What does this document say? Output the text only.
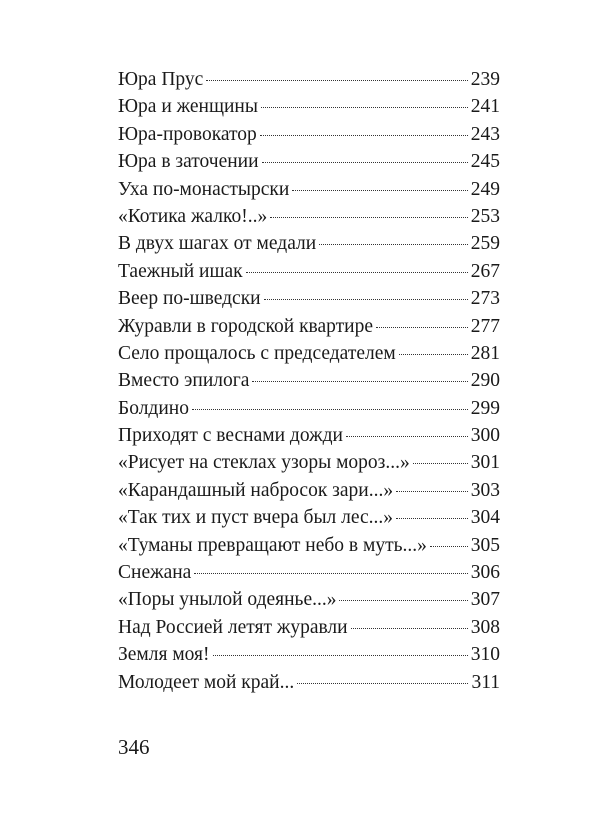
Юра Прус	239
Юра и женщины	241
Юра-провокатор	243
Юра в заточении	245
Уха по-монастырски	249
«Котика жалко!..»	253
В двух шагах от медали	259
Таежный ишак	267
Веер по-шведски	273
Журавли в городской квартире	277
Село прощалось с председателем	281
Вместо эпилога	290
Болдино	299
Приходят с веснами дожди	300
«Рисует на стеклах узоры мороз...»	301
«Карандашный набросок зари...»	303
«Так тих и пуст вчера был лес...»	304
«Туманы превращают небо в муть...» 305
Снежана	306
«Поры унылой одеянье...»	307
Над Россией летят журавли	308
Земля моя!	310
Молодеет мой край...	311
346
